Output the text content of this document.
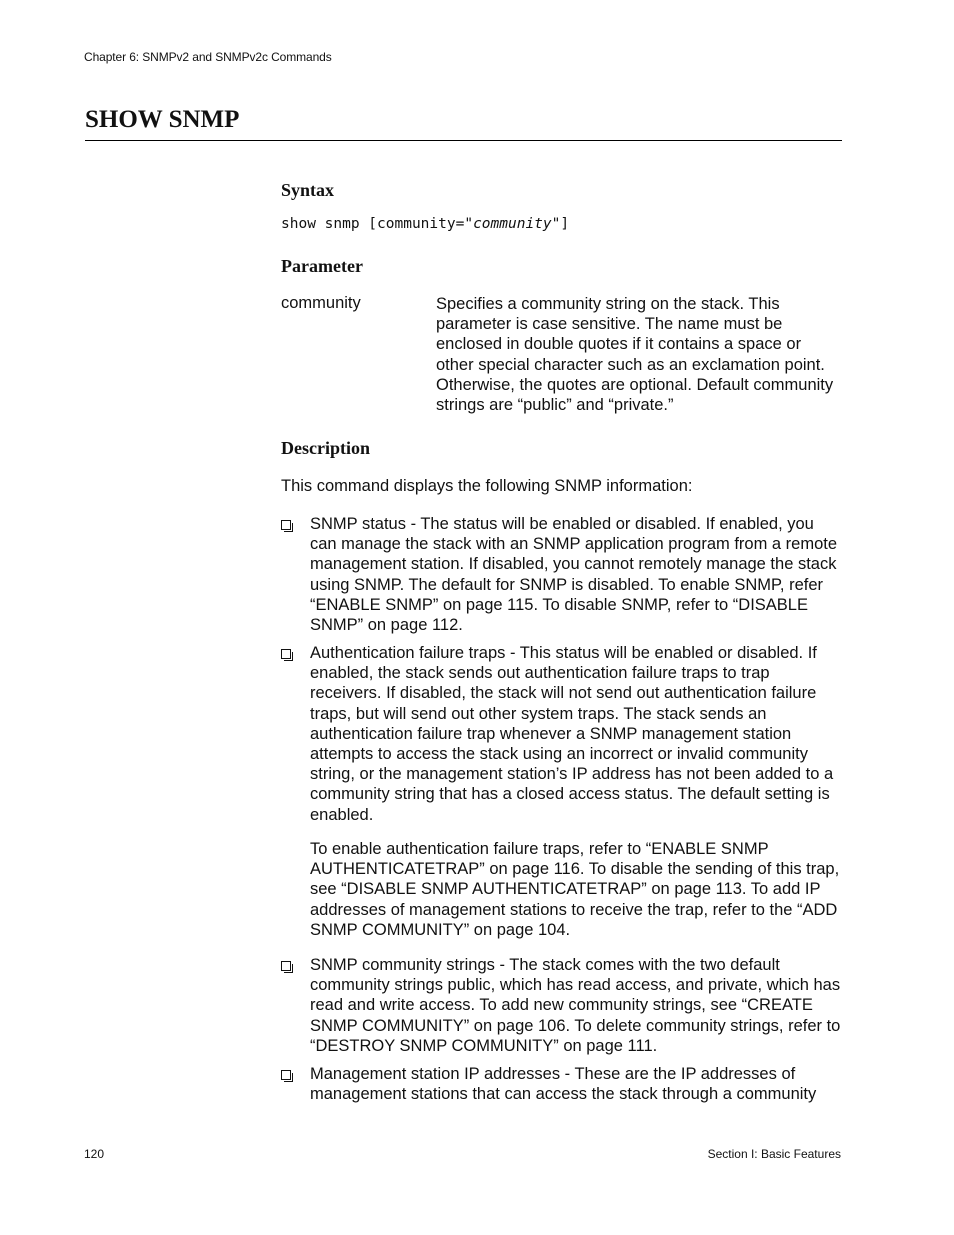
Chapter 6: SNMPv2 and SNMPv2c Commands
SHOW SNMP
Syntax
show snmp [community="community"]
Parameter
community	Specifies a community string on the stack. This parameter is case sensitive. The name must be enclosed in double quotes if it contains a space or other special character such as an exclamation point. Otherwise, the quotes are optional. Default community strings are “public” and “private.”
Description
This command displays the following SNMP information:
SNMP status - The status will be enabled or disabled. If enabled, you can manage the stack with an SNMP application program from a remote management station. If disabled, you cannot remotely manage the stack using SNMP. The default for SNMP is disabled. To enable SNMP, refer “ENABLE SNMP” on page 115. To disable SNMP, refer to “DISABLE SNMP” on page 112.
Authentication failure traps - This status will be enabled or disabled. If enabled, the stack sends out authentication failure traps to trap receivers. If disabled, the stack will not send out authentication failure traps, but will send out other system traps. The stack sends an authentication failure trap whenever a SNMP management station attempts to access the stack using an incorrect or invalid community string, or the management station’s IP address has not been added to a community string that has a closed access status. The default setting is enabled.
To enable authentication failure traps, refer to “ENABLE SNMP AUTHENTICATETRAP” on page 116. To disable the sending of this trap, see “DISABLE SNMP AUTHENTICATETRAP” on page 113. To add IP addresses of management stations to receive the trap, refer to the “ADD SNMP COMMUNITY” on page 104.
SNMP community strings - The stack comes with the two default community strings public, which has read access, and private, which has read and write access. To add new community strings, see “CREATE SNMP COMMUNITY” on page 106. To delete community strings, refer to “DESTROY SNMP COMMUNITY” on page 111.
Management station IP addresses - These are the IP addresses of management stations that can access the stack through a community
120	Section I: Basic Features
